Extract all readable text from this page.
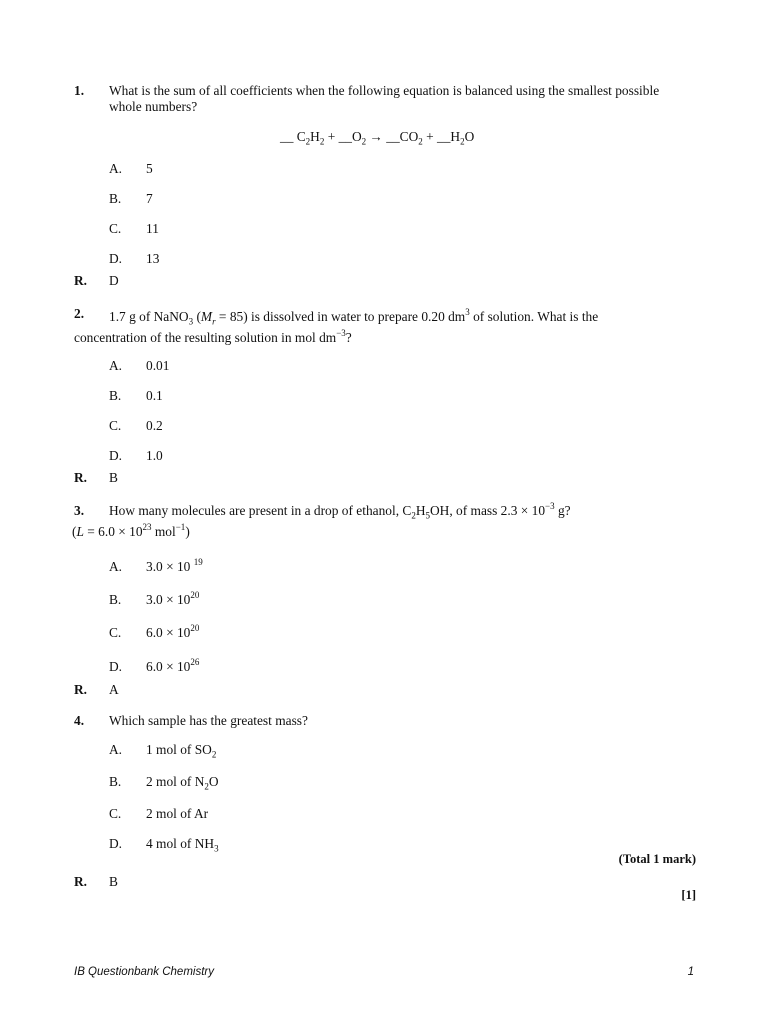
1. What is the sum of all coefficients when the following equation is balanced using the smallest possible whole numbers?
__ $C_2H_2$ + $\_\_O_2$ → $\_\_CO_2$ + $\_\_H_2O$
A. 5
B. 7
C. 11
D. 13
R. D
2.	1.7 g of NaNO$_3$ $(M_r = 85)$ is dissolved in water to prepare 0.20 $dm^3$ of solution. What is the concentration of the resulting solution in mol $dm^{-3}$?
A. 0.01
B. 0.1
C. 0.2
D. 1.0
R. B
3. How many molecules are present in a drop of ethanol, $C_2H_5OH$, of mass $2.3 \times 10^{-3}$ g?
($L = 6.0 \times 10^{23}$ mol$^{-1}$)
A. 3.0 × 10 $^{19}$
B. $3.0 \times 10^{20}$
C. $6.0 \times 10^{20}$
D. $6.0 \times 10^{26}$
R. A
4. Which sample has the greatest mass?
A. 1 mol of $SO_2$
B. 2 mol of $N_2O$
C. 2 mol of Ar
D. 4 mol of $NH_3$
(Total 1 mark)
R. B
[1]
IB Questionbank Chemistry	1
